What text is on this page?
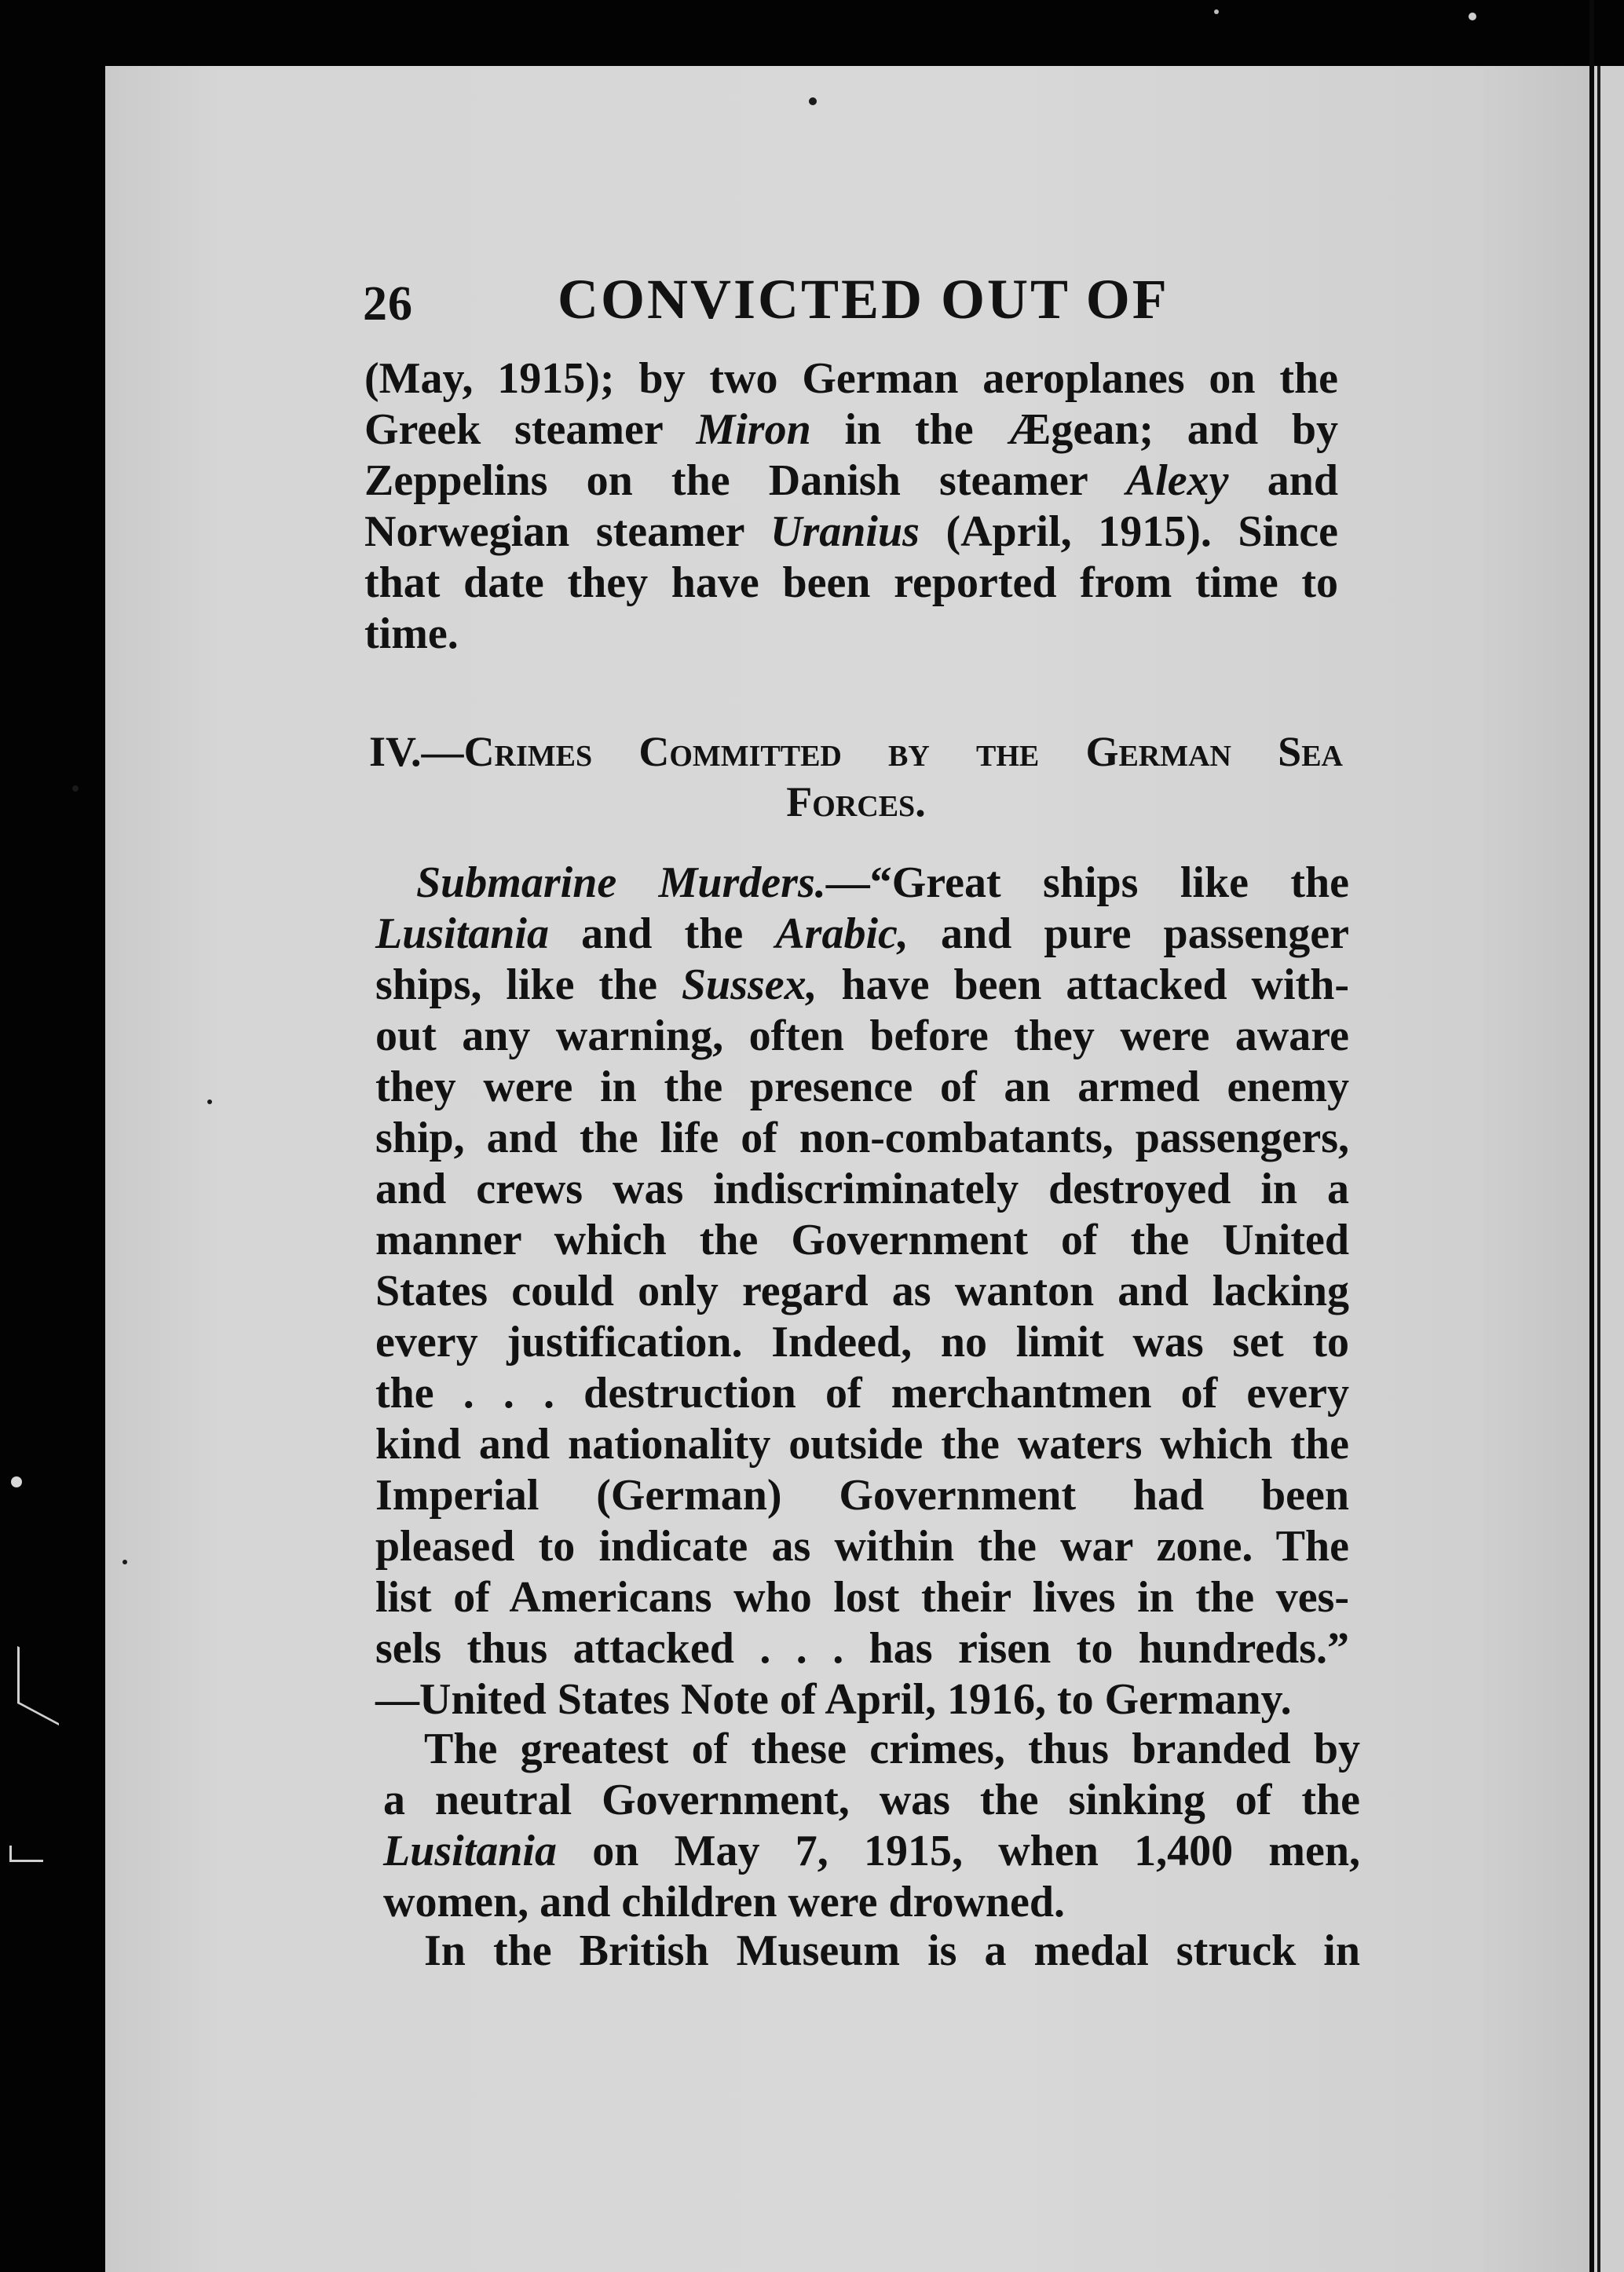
26	CONVICTED OUT OF
(May, 1915); by two German aeroplanes on the
Greek steamer Miron in the Ægean; and by
Zeppelins on the Danish steamer Alexy and
Norwegian steamer Uranius (April, 1915). Since
that date they have been reported from time to
time.
IV.—Crimes Committed by the German Sea
Forces.
Submarine Murders.—“Great ships like the
Lusitania and the Arabic, and pure passenger
ships, like the Sussex, have been attacked with-
out any warning, often before they were aware
they were in the presence of an armed enemy
ship, and the life of non-combatants, passengers,
and crews was indiscriminately destroyed in a
manner which the Government of the United
States could only regard as wanton and lacking
every justification. Indeed, no limit was set to
the . . . destruction of merchantmen of every
kind and nationality outside the waters which the
Imperial (German) Government had been
pleased to indicate as within the war zone. The
list of Americans who lost their lives in the ves-
sels thus attacked . . . has risen to hundreds.”
—United States Note of April, 1916, to Germany.
The greatest of these crimes, thus branded by
a neutral Government, was the sinking of the
Lusitania on May 7, 1915, when 1,400 men,
women, and children were drowned.
In the British Museum is a medal struck in
